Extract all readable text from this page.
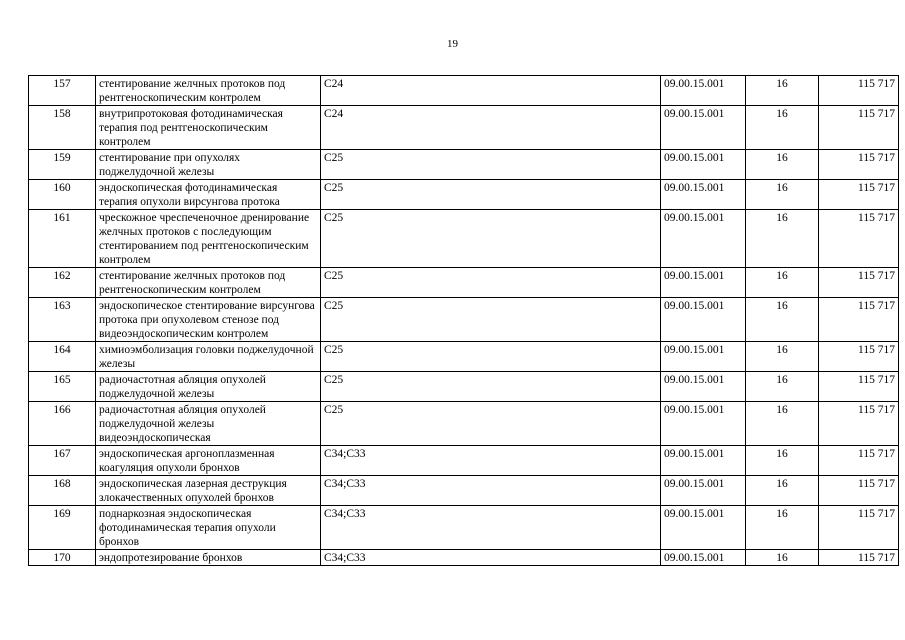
19
157	стентирование желчных протоков под рентгеноскопическим контролем	C24	09.00.15.001	16	115 717
158	внутрипротоковая фотодинамическая терапия под рентгеноскопическим контролем	C24	09.00.15.001	16	115 717
159	стентирование при опухолях поджелудочной железы	C25	09.00.15.001	16	115 717
160	эндоскопическая фотодинамическая терапия опухоли вирсунгова протока	C25	09.00.15.001	16	115 717
161	чрескожное чреспеченочное дренирование желчных протоков с последующим стентированием под рентгеноскопическим контролем	C25	09.00.15.001	16	115 717
162	стентирование желчных протоков под рентгеноскопическим контролем	C25	09.00.15.001	16	115 717
163	эндоскопическое стентирование вирсунгова протока при опухолевом стенозе под видеоэндоскопическим контролем	C25	09.00.15.001	16	115 717
164	химиоэмболизация головки поджелудочной железы	C25	09.00.15.001	16	115 717
165	радиочастотная абляция опухолей поджелудочной железы	C25	09.00.15.001	16	115 717
166	радиочастотная абляция опухолей поджелудочной железы видеоэндоскопическая	C25	09.00.15.001	16	115 717
167	эндоскопическая аргоноплазменная коагуляция опухоли бронхов	C34;C33	09.00.15.001	16	115 717
168	эндоскопическая лазерная деструкция злокачественных опухолей бронхов	C34;C33	09.00.15.001	16	115 717
169	поднаркозная эндоскопическая фотодинамическая терапия опухоли бронхов	C34;C33	09.00.15.001	16	115 717
170	эндопротезирование бронхов	C34;C33	09.00.15.001	16	115 717
